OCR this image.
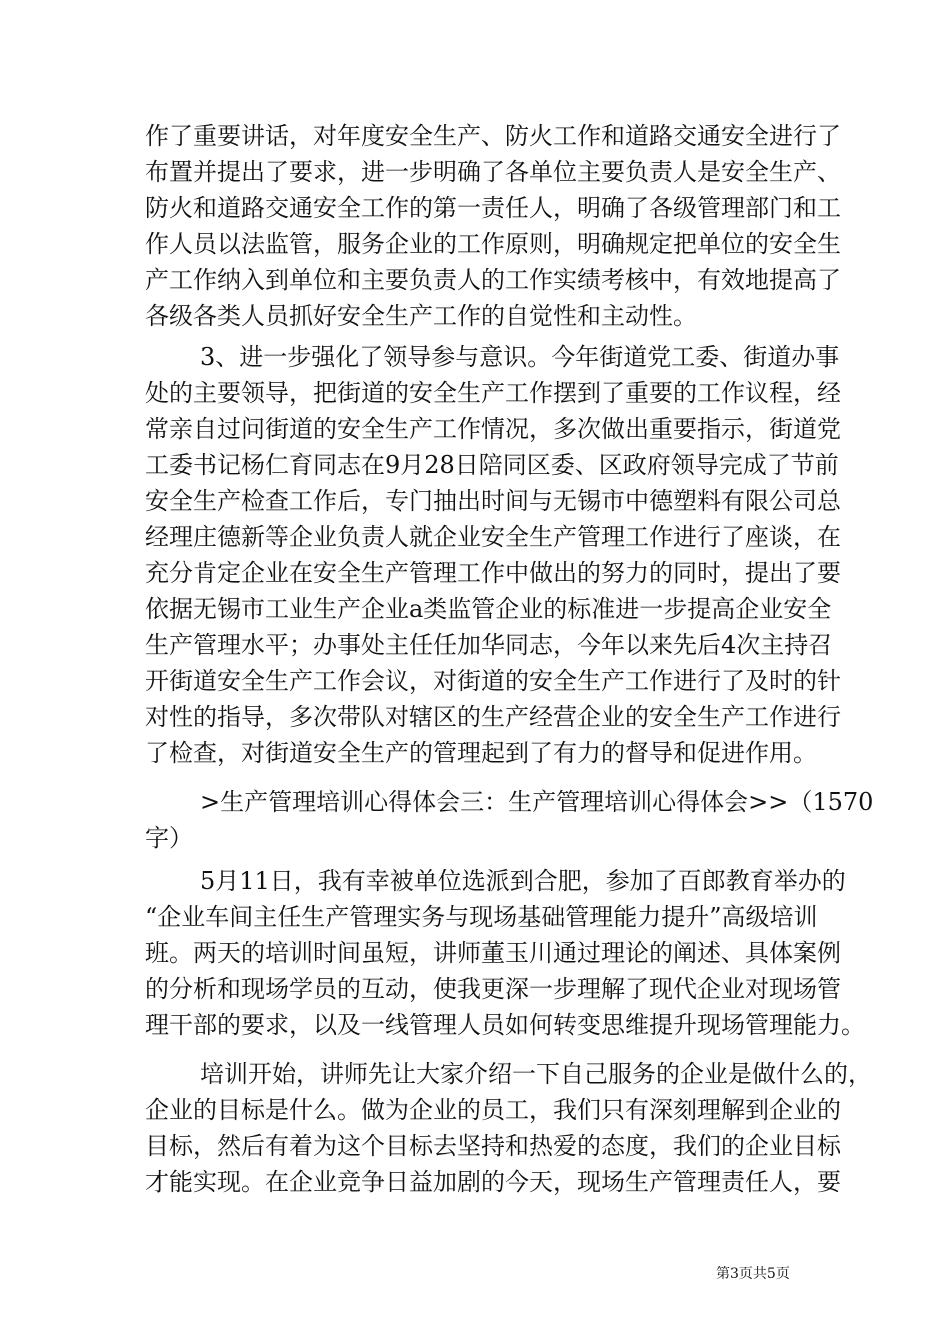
作了重要讲话，对年度安全生产、防火工作和道路交通安全进行了
布置并提出了要求，进一步明确了各单位主要负责人是安全生产、
防火和道路交通安全工作的第一责任人，明确了各级管理部门和工
作人员以法监管，服务企业的工作原则，明确规定把单位的安全生
产工作纳入到单位和主要负责人的工作实绩考核中，有效地提高了
各级各类人员抓好安全生产工作的自觉性和主动性。
3、进一步强化了领导参与意识。今年街道党工委、街道办事
处的主要领导，把街道的安全生产工作摆到了重要的工作议程，经
常亲自过问街道的安全生产工作情况，多次做出重要指示，街道党
工委书记杨仁育同志在9月28日陪同区委、区政府领导完成了节前
安全生产检查工作后，专门抽出时间与无锡市中德塑料有限公司总
经理庄德新等企业负责人就企业安全生产管理工作进行了座谈，在
充分肯定企业在安全生产管理工作中做出的努力的同时，提出了要
依据无锡市工业生产企业a类监管企业的标准进一步提高企业安全
生产管理水平；办事处主任任加华同志，今年以来先后4次主持召
开街道安全生产工作会议，对街道的安全生产工作进行了及时的针
对性的指导，多次带队对辖区的生产经营企业的安全生产工作进行
了检查，对街道安全生产的管理起到了有力的督导和促进作用。
>生产管理培训心得体会三：生产管理培训心得体会>>（1570
字）
5月11日，我有幸被单位选派到合肥，参加了百郎教育举办的
“企业车间主任生产管理实务与现场基础管理能力提升”高级培训
班。两天的培训时间虽短，讲师董玉川通过理论的阐述、具体案例
的分析和现场学员的互动，使我更深一步理解了现代企业对现场管
理干部的要求，以及一线管理人员如何转变思维提升现场管理能力。
培训开始，讲师先让大家介绍一下自己服务的企业是做什么的，
企业的目标是什么。做为企业的员工，我们只有深刻理解到企业的
目标，然后有着为这个目标去坚持和热爱的态度，我们的企业目标
才能实现。在企业竞争日益加剧的今天，现场生产管理责任人，要
第3页共5页
